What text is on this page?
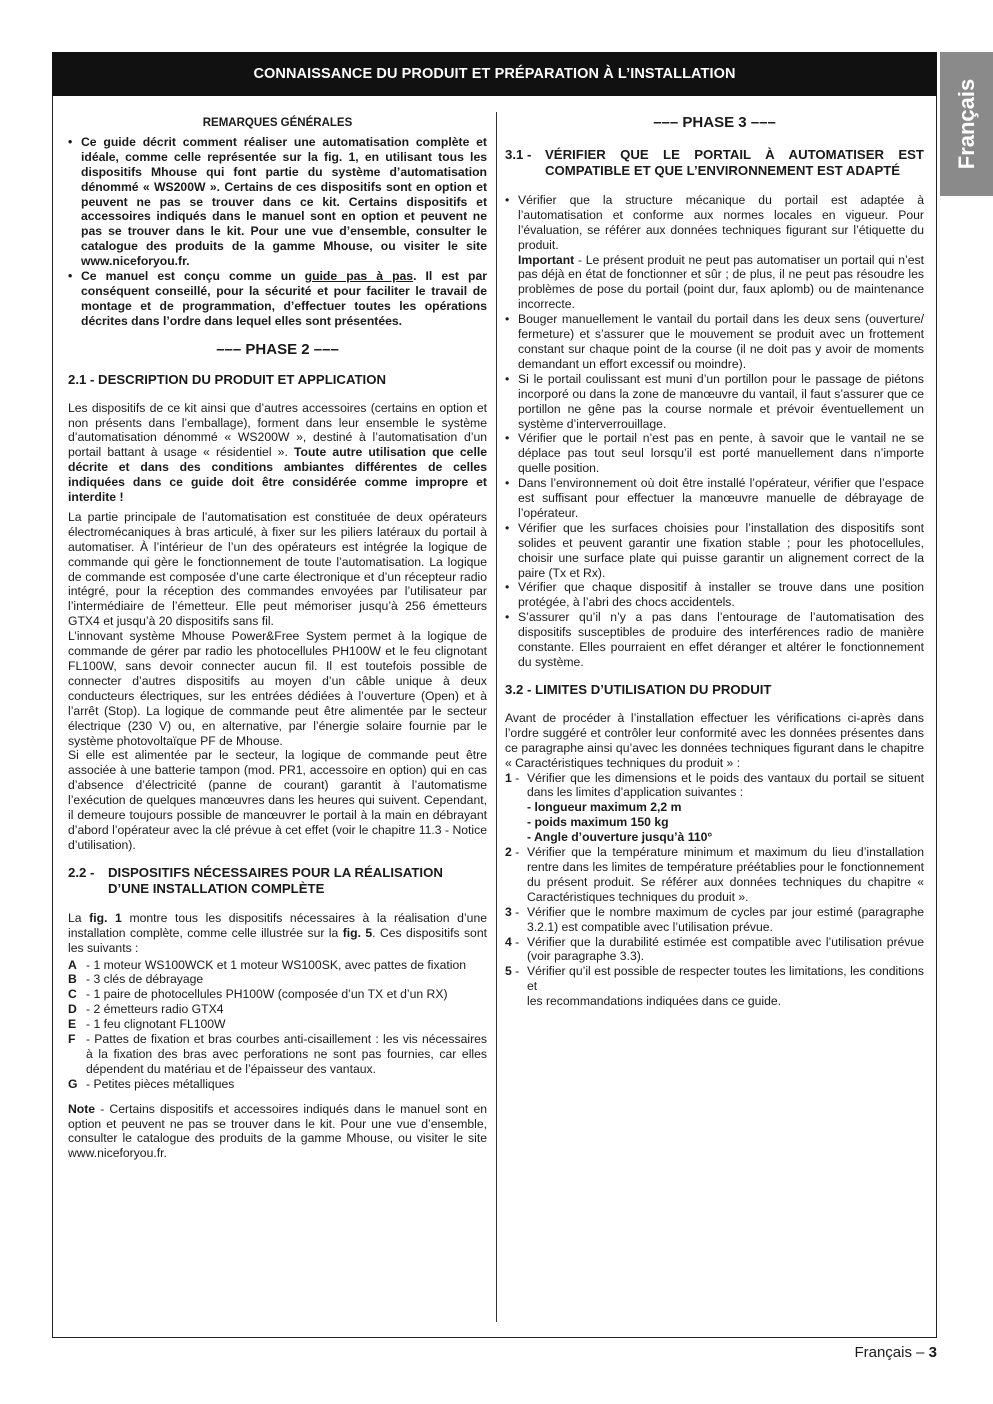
CONNAISSANCE DU PRODUIT ET PRÉPARATION À L’INSTALLATION
Français
REMARQUES GÉNÉRALES

• Ce guide décrit comment réaliser une automatisation complète et idéale, comme celle représentée sur la fig. 1, en utilisant tous les dispositifs Mhouse qui font partie du système d’automatisation dénommé « WS200W ». Certains de ces dispositifs sont en option et peuvent ne pas se trouver dans ce kit. Certains dispositifs et accessoires indiqués dans le manuel sont en option et peuvent ne pas se trouver dans le kit. Pour une vue d’ensemble, consulter le catalogue des produits de la gamme Mhouse, ou visiter le site www.niceforyou.fr.

• Ce manuel est conçu comme un guide pas à pas. Il est par conséquent conseillé, pour la sécurité et pour faciliter le travail de montage et de programmation, d’effectuer toutes les opérations décrites dans l’ordre dans lequel elles sont présentées.

––– PHASE 2 –––
2.1 - DESCRIPTION DU PRODUIT ET APPLICATION

Les dispositifs de ce kit ainsi que d’autres accessoires (certains en option et non présents dans l’emballage), forment dans leur ensemble le système d’automatisation dénommé « WS200W », destiné à l’automatisation d’un portail battant à usage « résidentiel ». Toute autre utilisation que celle décrite et dans des conditions ambiantes différentes de celles indiquées dans ce guide doit être considérée comme impropre et interdite !

La partie principale de l’automatisation est constituée de deux opérateurs électromécaniques à bras articulé, à fixer sur les piliers latéraux du portail à automatiser. À l’intérieur de l’un des opérateurs est intégrée la logique de commande qui gère le fonctionnement de toute l’automatisation. La logique de commande est composée d’une carte électronique et d’un récepteur radio intégré, pour la réception des commandes envoyées par l’utilisateur par l’intermédiaire de l’émetteur. Elle peut mémoriser jusqu’à 256 émetteurs GTX4 et jusqu’à 20 dispositifs sans fil.

L’innovant système Mhouse Power&Free System permet à la logique de commande de gérer par radio les photocellules PH100W et le feu clignotant FL100W, sans devoir connecter aucun fil. Il est toutefois possible de connecter d’autres dispositifs au moyen d’un câble unique à deux conducteurs électriques, sur les entrées dédiées à l’ouverture (Open) et à l’arrêt (Stop). La logique de commande peut être alimentée par le secteur électrique (230 V) ou, en alternative, par l’énergie solaire fournie par le système photovoltaïque PF de Mhouse.

Si elle est alimentée par le secteur, la logique de commande peut être associée à une batterie tampon (mod. PR1, accessoire en option) qui en cas d’absence d’électricité (panne de courant) garantit à l’automatisme l’exécution de quelques manœuvres dans les heures qui suivent. Cependant, il demeure toujours possible de manœuvrer le portail à la main en débrayant d’abord l’opérateur avec la clé prévue à cet effet (voir le chapitre 11.3 - Notice d’utilisation).

2.2 -	DISPOSITIFS NÉCESSAIRES POUR LA RÉALISATION D’UNE INSTALLATION COMPLÈTE

La fig. 1 montre tous les dispositifs nécessaires à la réalisation d’une installation complète, comme celle illustrée sur la fig. 5. Ces dispositifs sont les suivants :

A - 1 moteur WS100WCK et 1 moteur WS100SK, avec pattes de fixation
B - 3 clés de débrayage
C - 1 paire de photocellules PH100W (composée d’un TX et d’un RX)
D - 2 émetteurs radio GTX4
E - 1 feu clignotant FL100W
F - Pattes de fixation et bras courbes anti-cisaillement : les vis nécessaires à la fixation des bras avec perforations ne sont pas fournies, car elles dépendent du matériau et de l’épaisseur des vantaux.
G - Petites pièces métalliques

Note - Certains dispositifs et accessoires indiqués dans le manuel sont en option et peuvent ne pas se trouver dans le kit. Pour une vue d’ensemble, consulter le catalogue des produits de la gamme Mhouse, ou visiter le site www.niceforyou.fr.

––– PHASE 3 –––
3.1 -	VÉRIFIER QUE LE PORTAIL À AUTOMATISER EST COMPATIBLE ET QUE L’ENVIRONNEMENT EST ADAPTÉ

• Vérifier que la structure mécanique du portail est adaptée à l’automatisation et conforme aux normes locales en vigueur. Pour l’évaluation, se référer aux données techniques figurant sur l’étiquette du produit.
Important - Le présent produit ne peut pas automatiser un portail qui n’est pas déjà en état de fonctionner et sûr ; de plus, il ne peut pas résoudre les problèmes de pose du portail (point dur, faux aplomb) ou de maintenance incorrecte.

• Bouger manuellement le vantail du portail dans les deux sens (ouverture/ fermeture) et s’assurer que le mouvement se produit avec un frottement constant sur chaque point de la course (il ne doit pas y avoir de moments demandant un effort excessif ou moindre).

• Si le portail coulissant est muni d’un portillon pour le passage de piétons incorporé ou dans la zone de manœuvre du vantail, il faut s’assurer que ce portillon ne gêne pas la course normale et prévoir éventuellement un système d’interverrouillage.

• Vérifier que le portail n’est pas en pente, à savoir que le vantail ne se déplace pas tout seul lorsqu’il est porté manuellement dans n’importe quelle position.

• Dans l’environnement où doit être installé l’opérateur, vérifier que l’espace est suffisant pour effectuer la manœuvre manuelle de débrayage de l’opérateur.

• Vérifier que les surfaces choisies pour l’installation des dispositifs sont solides et peuvent garantir une fixation stable ; pour les photocellules, choisir une surface plate qui puisse garantir un alignement correct de la paire (Tx et Rx).

• Vérifier que chaque dispositif à installer se trouve dans une position protégée, à l’abri des chocs accidentels.

• S’assurer qu’il n’y a pas dans l’entourage de l’automatisation des dispositifs susceptibles de produire des interférences radio de manière constante. Elles pourraient en effet déranger et altérer le fonctionnement du système.

3.2 - LIMITES D’UTILISATION DU PRODUIT

Avant de procéder à l’installation effectuer les vérifications ci-après dans l’ordre suggéré et contrôler leur conformité avec les données présentes dans ce paragraphe ainsi qu’avec les données techniques figurant dans le chapitre « Caractéristiques techniques du produit » :

1 - Vérifier que les dimensions et le poids des vantaux du portail se situent dans les limites d’application suivantes :
- longueur maximum 2,2 m
- poids maximum 150 kg
- Angle d’ouverture jusqu’à 110°
2 - Vérifier que la température minimum et maximum du lieu d’installation rentre dans les limites de température préétablies pour le fonctionnement du présent produit. Se référer aux données techniques du chapitre « Caractéristiques techniques du produit ».
3 - Vérifier que le nombre maximum de cycles par jour estimé (paragraphe 3.2.1) est compatible avec l’utilisation prévue.
4 - Vérifier que la durabilité estimée est compatible avec l’utilisation prévue (voir paragraphe 3.3).
5 - Vérifier qu’il est possible de respecter toutes les limitations, les conditions et
les recommandations indiquées dans ce guide.
Français – 3
